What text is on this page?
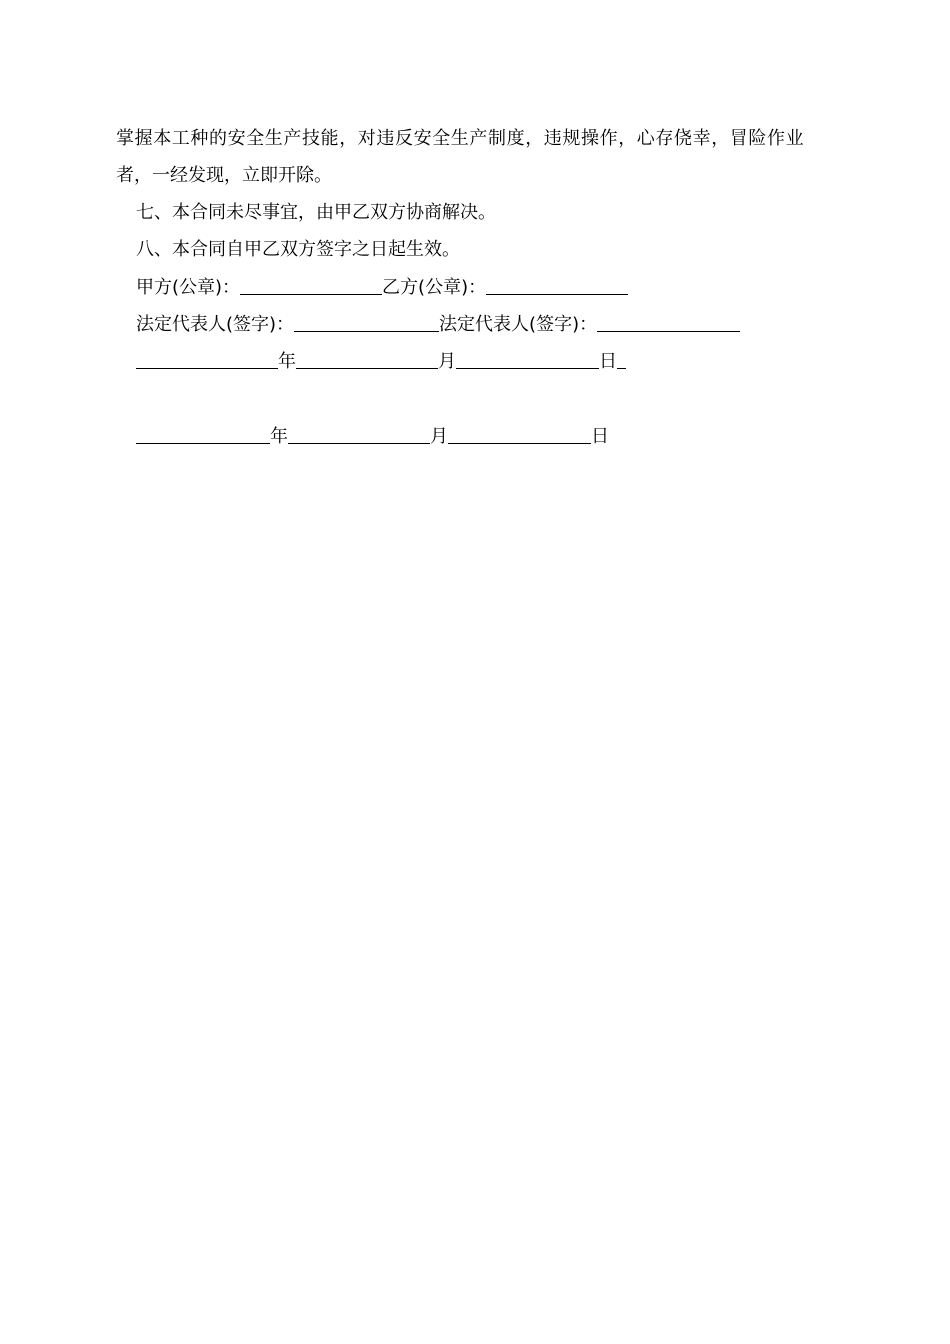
掌握本工种的安全生产技能，对违反安全生产制度，违规操作，心存侥幸，冒险作业
者，一经发现，立即开除。
七、本合同未尽事宜，由甲乙双方协商解决。
八、本合同自甲乙双方签字之日起生效。
甲方(公章)：	乙方(公章)：
法定代表人(签字)：	法定代表人(签字)：
年	月	日
年	月	日
